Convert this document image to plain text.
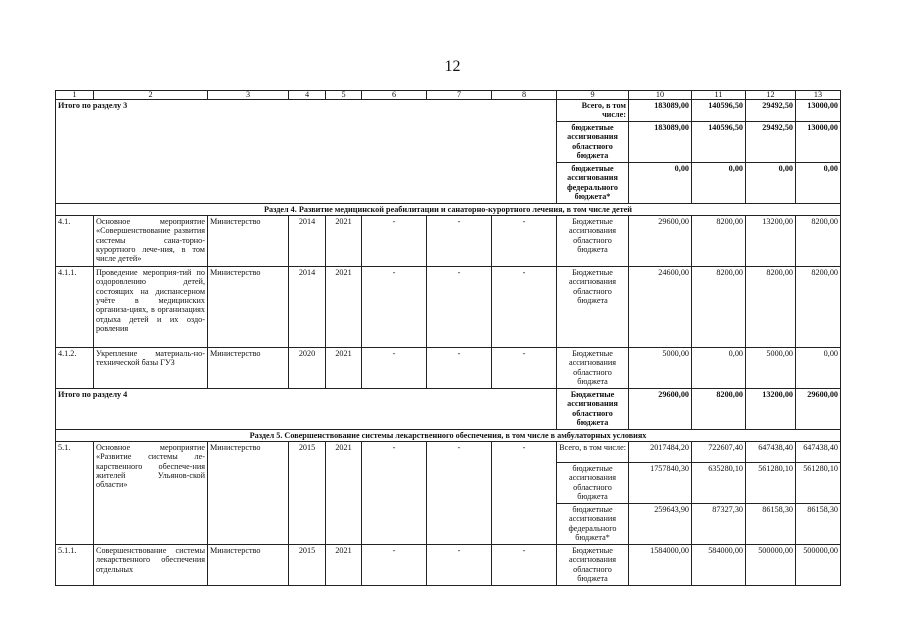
12
1	2	3	4	5	6	7	8	9	10	11	12	13
Итого по разделу 3								Всего, в том числе:	183089,00	140596,50	29492,50	13000,00
								бюджетные ассигнования областного бюджета	183089,00	140596,50	29492,50	13000,00
								бюджетные ассигнования федерального бюджета*	0,00	0,00	0,00	0,00
Раздел 4. Развитие медицинской реабилитации и санаторно-курортного лечения, в том числе детей												
4.1.	Основное мероприятие «Совершенствование развития системы сана-торно-курортного лече-ния, в том числе детей»	Министерство	2014	2021	-	-	-	Бюджетные ассигнования областного бюджета	29600,00	8200,00	13200,00	8200,00
4.1.1.	Проведение мероприя-тий по оздоровлению детей, состоящих на диспансерном учёте в медицинских организа-циях, в организациях отдыха детей и их оздо-ровления	Министерство	2014	2021	-	-	-	Бюджетные ассигнования областного бюджета	24600,00	8200,00	8200,00	8200,00
4.1.2.	Укрепление материаль-но-технической базы ГУЗ	Министерство	2020	2021	-	-	-	Бюджетные ассигнования областного бюджета	5000,00	0,00	5000,00	0,00
Итого по разделу 4								Бюджетные ассигнования областного бюджета	29600,00	8200,00	13200,00	29600,00
Раздел 5. Совершенствование системы лекарственного обеспечения, в том числе в амбулаторных условиях												
5.1.	Основное мероприятие «Развитие системы ле-карственного обеспече-ния жителей Ульянов-ской области»	Министерство	2015	2021	-	-	-	Всего, в том числе:	2017484,20	722607,40	647438,40	647438,40
								бюджетные ассигнования областного бюджета	1757840,30	635280,10	561280,10	561280,10
								бюджетные ассигнования федерального бюджета*	259643,90	87327,30	86158,30	86158,30
5.1.1.	Совершенствование системы лекарственного обеспечения отдельных	Министерство	2015	2021	-	-	-	Бюджетные ассигнования областного бюджета	1584000,00	584000,00	500000,00	500000,00
